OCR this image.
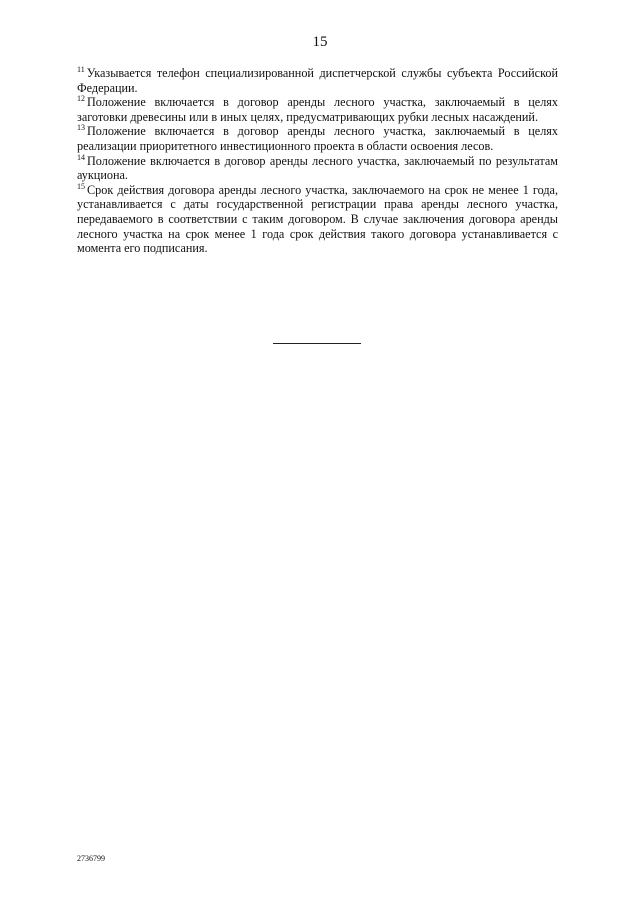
15

$^{11}$ Указывается телефон специализированной диспетчерской службы субъекта Российской Федерации.

$^{12}$ Положение включается в договор аренды лесного участка, заключаемый в целях заготовки древесины или в иных целях, предусматривающих рубки лесных насаждений.

$^{13}$ Положение включается в договор аренды лесного участка, заключаемый в целях реализации приоритетного инвестиционного проекта в области освоения лесов.

$^{14}$ Положение включается в договор аренды лесного участка, заключаемый по результатам аукциона.

$^{15}$ Срок действия договора аренды лесного участка, заключаемого на срок не менее 1 года, устанавливается с даты государственной регистрации права аренды лесного участка, передаваемого в соответствии с таким договором. В случае заключения договора аренды лесного участка на срок менее 1 года срок действия такого договора устанавливается с момента его подписания.

2736799
